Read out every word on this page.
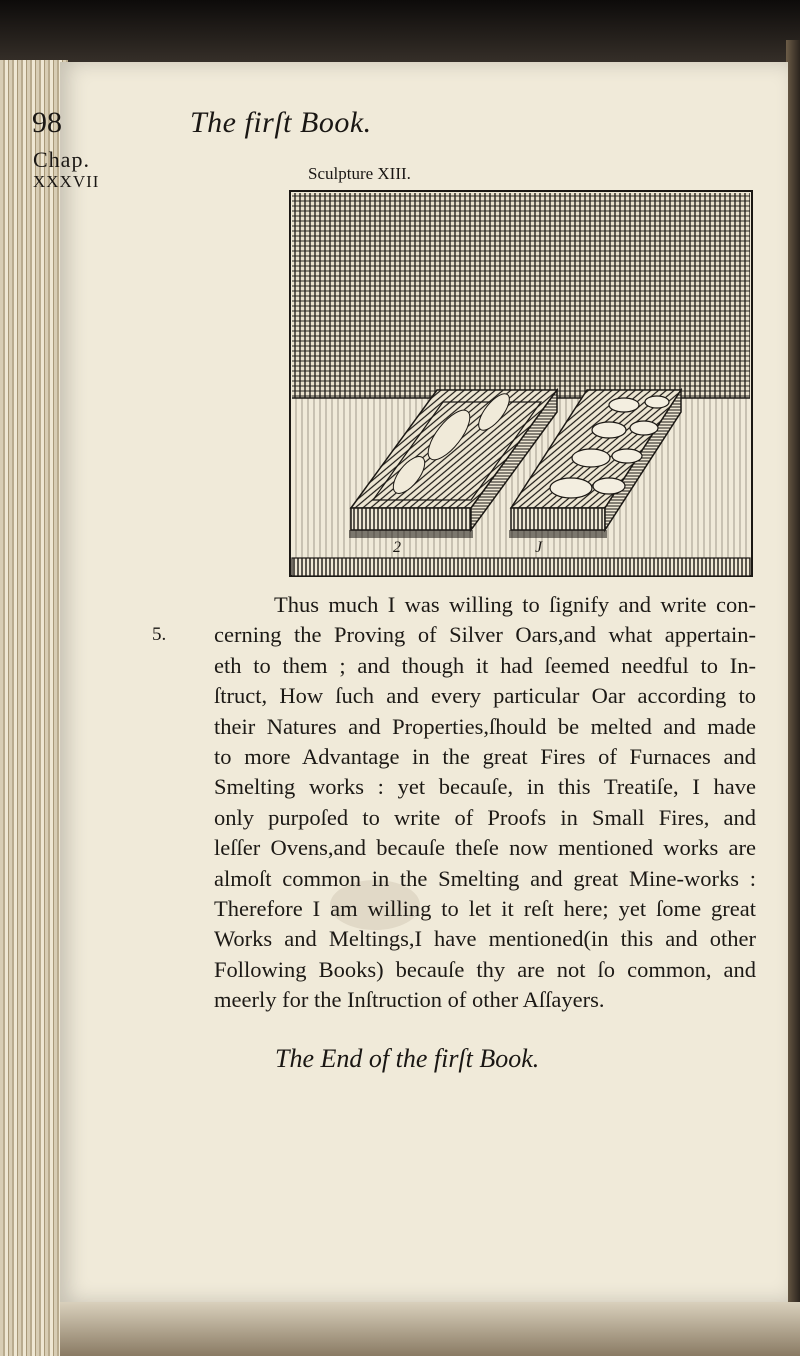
98	The firſt Book.
Chap.
XXXVII	Sculpture XIII.
2	J
5.
Thus much I was willing to ſignify and write con-
cerning the Proving of Silver Oars,and what appertain-
eth to them ; and though it had ſeemed needful to In-
ſtruct, How ſuch and every particular Oar according to
their Natures and Properties,ſhould be melted and made
to more Advantage in the great Fires of Furnaces and
Smelting works : yet becauſe, in this Treatiſe, I have
only purpoſed to write of Proofs in Small Fires, and
leſſer Ovens,and becauſe theſe now mentioned works are
almoſt common in the Smelting and great Mine-works :
Therefore I am willing to let it reſt here; yet ſome great
Works and Meltings,I have mentioned(in this and other
Following Books) becauſe thy are not ſo common, and
meerly for the Inſtruction of other Aſſayers.
The End of the firſt Book.
